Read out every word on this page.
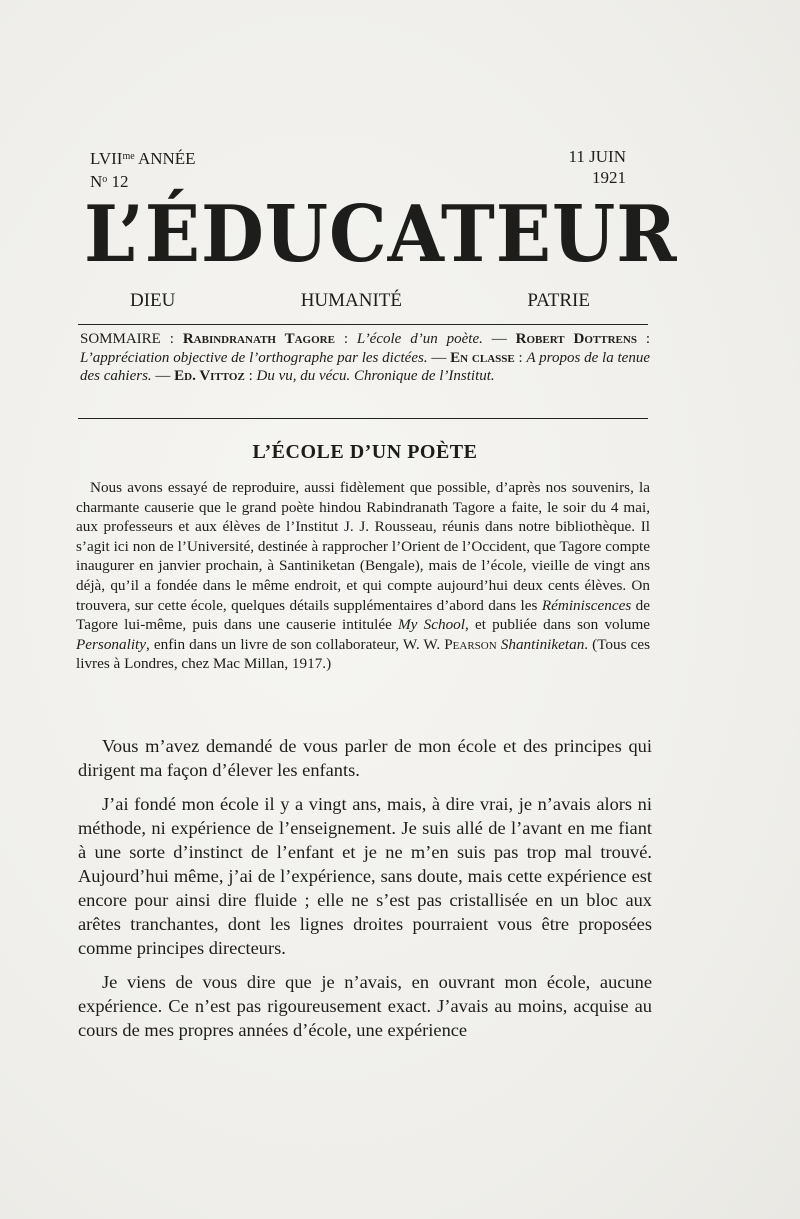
$LVII^{me}$ ANNÉE
$N^o$ 12
11 JUIN
1921
L’ÉDUCATEUR
DIEU	HUMANITÉ	PATRIE
SOMMAIRE : Rabindranath Tagore : L’école d’un poète. — Robert Dottrens : L’appréciation objective de l’orthographe par les dictées. — En classe : A propos de la tenue des cahiers. — Ed. Vittoz : Du vu, du vécu. Chronique de l’Institut.
L’ÉCOLE D’UN POÈTE
Nous avons essayé de reproduire, aussi fidèlement que possible, d’après nos souvenirs, la charmante causerie que le grand poète hindou Rabindranath Tagore a faite, le soir du 4 mai, aux professeurs et aux élèves de l’Institut J. J. Rousseau, réunis dans notre bibliothèque. Il s’agit ici non de l’Université, destinée à rapprocher l’Orient de l’Occident, que Tagore compte inaugurer en janvier prochain, à Santiniketan (Bengale), mais de l’école, vieille de vingt ans déjà, qu’il a fondée dans le même endroit, et qui compte aujourd’hui deux cents élèves. On trouvera, sur cette école, quelques détails supplémentaires d’abord dans les Réminiscences de Tagore lui-même, puis dans une causerie intitulée My School, et publiée dans son volume Personality, enfin dans un livre de son collaborateur, W. W. Pearson Shantiniketan. (Tous ces livres à Londres, chez Mac Millan, 1917.)

Vous m’avez demandé de vous parler de mon école et des principes qui dirigent ma façon d’élever les enfants.

J’ai fondé mon école il y a vingt ans, mais, à dire vrai, je n’avais alors ni méthode, ni expérience de l’enseignement. Je suis allé de l’avant en me fiant à une sorte d’instinct de l’enfant et je ne m’en suis pas trop mal trouvé. Aujourd’hui même, j’ai de l’expérience, sans doute, mais cette expérience est encore pour ainsi dire fluide ; elle ne s’est pas cristallisée en un bloc aux arêtes tranchantes, dont les lignes droites pourraient vous être proposées comme principes directeurs.

Je viens de vous dire que je n’avais, en ouvrant mon école, aucune expérience. Ce n’est pas rigoureusement exact. J’avais au moins, acquise au cours de mes propres années d’école, une expérience
